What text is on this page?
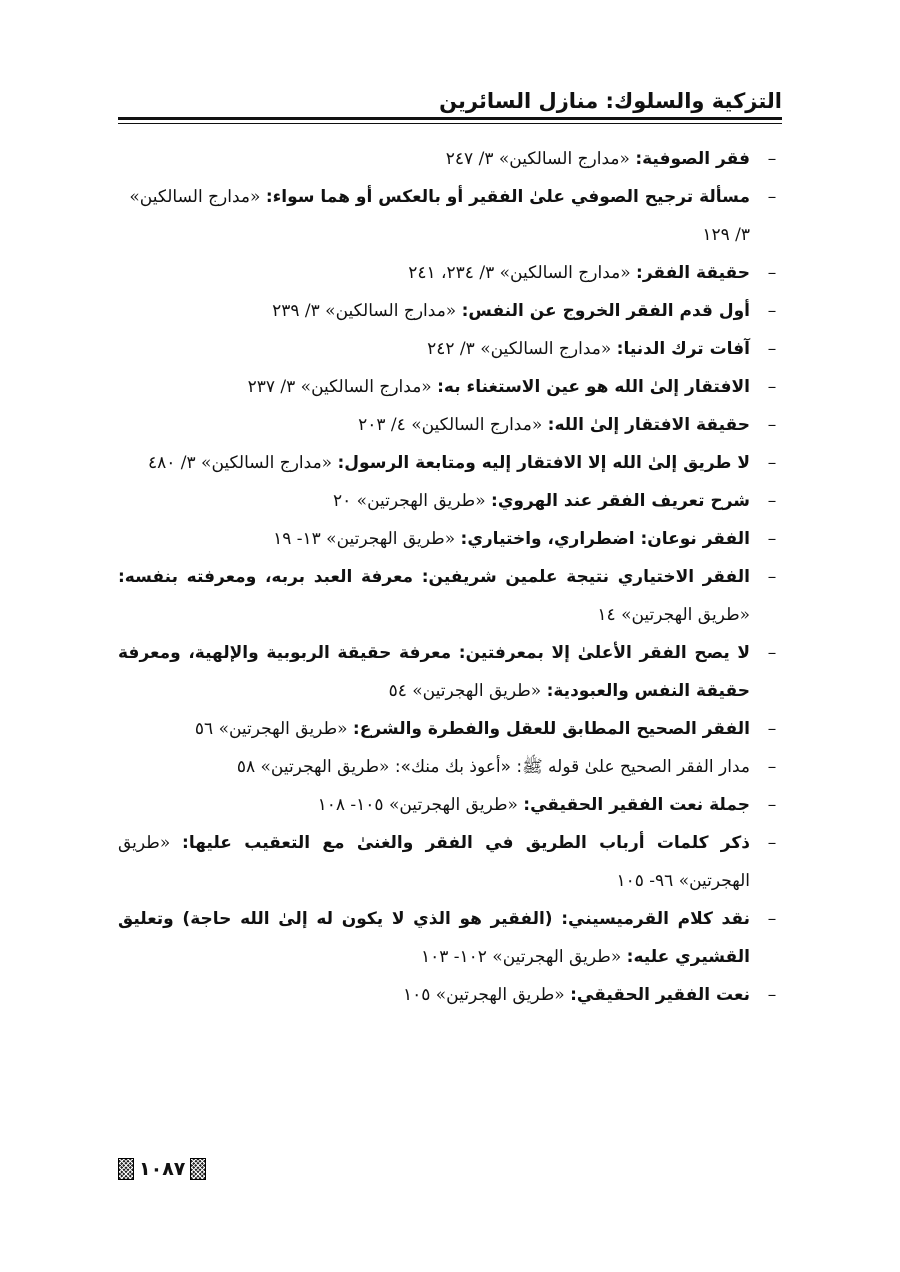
التزكية والسلوك: منازل السائرين
–
فقر الصوفية: «مدارج السالكين» ٣/ ٢٤٧
–
مسألة ترجيح الصوفي علىٰ الفقير أو بالعكس أو هما سواء: «مدارج السالكين» ٣/ ١٢٩
–
حقيقة الفقر: «مدارج السالكين» ٣/ ٢٣٤، ٢٤١
–
أول قدم الفقر الخروج عن النفس: «مدارج السالكين» ٣/ ٢٣٩
–
آفات ترك الدنيا: «مدارج السالكين» ٣/ ٢٤٢
–
الافتقار إلىٰ الله هو عين الاستغناء به: «مدارج السالكين» ٣/ ٢٣٧
–
حقيقة الافتقار إلىٰ الله: «مدارج السالكين» ٤/ ٢٠٣
–
لا طريق إلىٰ الله إلا الافتقار إليه ومتابعة الرسول: «مدارج السالكين» ٣/ ٤٨٠
–
شرح تعريف الفقر عند الهروي: «طريق الهجرتين» ٢٠
–
الفقر نوعان: اضطراري، واختياري: «طريق الهجرتين» ١٣- ١٩
–
الفقر الاختياري نتيجة علمين شريفين: معرفة العبد بربه، ومعرفته بنفسه: «طريق الهجرتين» ١٤
–
لا يصح الفقر الأعلىٰ إلا بمعرفتين: معرفة حقيقة الربوبية والإلهية، ومعرفة حقيقة النفس والعبودية: «طريق الهجرتين» ٥٤
–
الفقر الصحيح المطابق للعقل والفطرة والشرع: «طريق الهجرتين» ٥٦
–
مدار الفقر الصحيح علىٰ قوله ﷺ: «أعوذ بك منك»: «طريق الهجرتين» ٥٨
–
جملة نعت الفقير الحقيقي: «طريق الهجرتين» ١٠٥- ١٠٨
–
ذكر كلمات أرباب الطريق في الفقر والغنىٰ مع التعقيب عليها: «طريق الهجرتين» ٩٦- ١٠٥
–
نقد كلام القرميسيني: (الفقير هو الذي لا يكون له إلىٰ الله حاجة) وتعليق القشيري عليه: «طريق الهجرتين» ١٠٢- ١٠٣
–
نعت الفقير الحقيقي: «طريق الهجرتين» ١٠٥
١٠٨٧
